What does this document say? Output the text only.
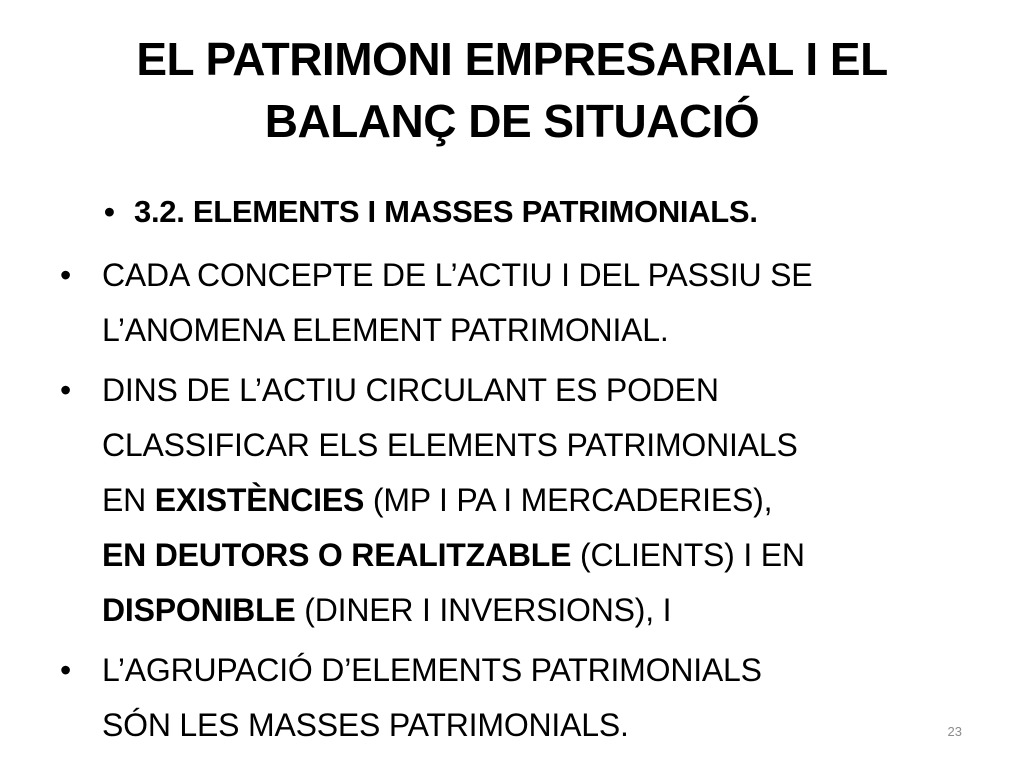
EL PATRIMONI EMPRESARIAL I EL
BALANÇ DE SITUACIÓ
• 3.2. ELEMENTS I MASSES PATRIMONIALS.
• CADA CONCEPTE DE L’ACTIU I DEL PASSIU SE
L’ANOMENA ELEMENT PATRIMONIAL.
• DINS DE L’ACTIU CIRCULANT ES PODEN
CLASSIFICAR ELS ELEMENTS PATRIMONIALS
EN EXISTÈNCIES (MP I PA I MERCADERIES),
EN DEUTORS O REALITZABLE (CLIENTS) I EN
DISPONIBLE (DINER I INVERSIONS), I
• L’AGRUPACIÓ D’ELEMENTS PATRIMONIALS
SÓN LES MASSES PATRIMONIALS.	23
